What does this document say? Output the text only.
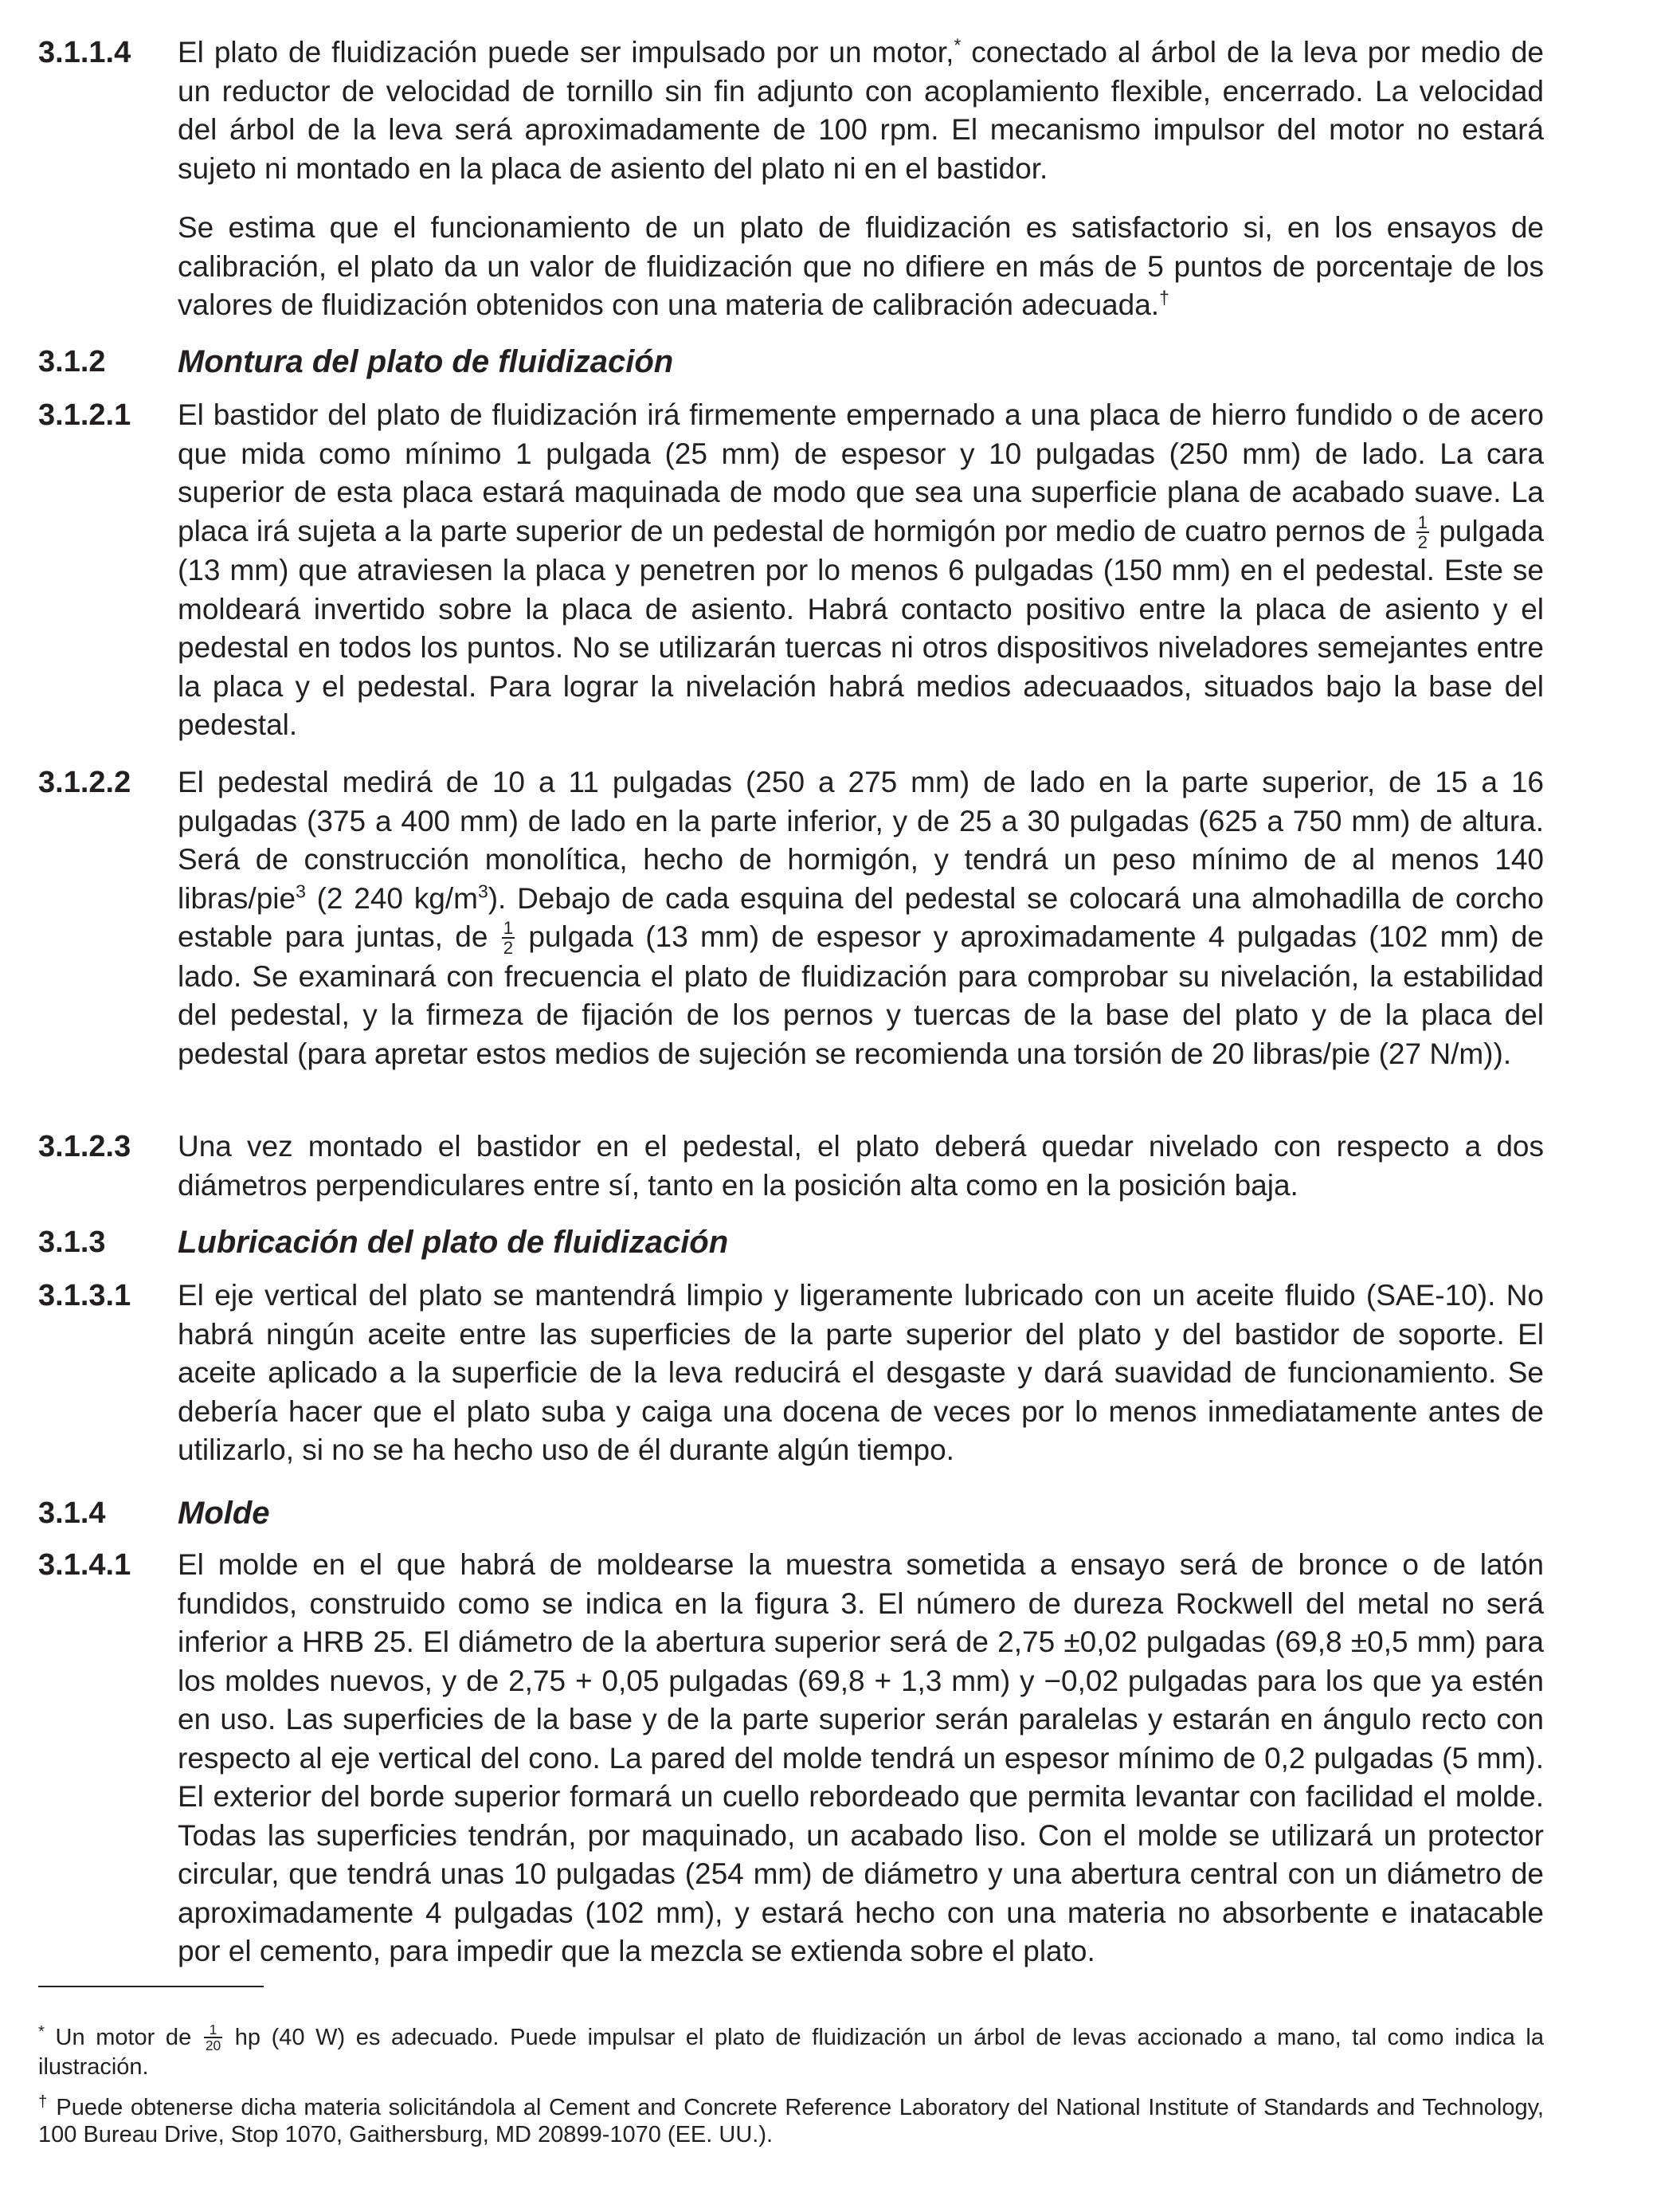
3.1.1.4 El plato de fluidización puede ser impulsado por un motor,* conectado al árbol de la leva por medio de un reductor de velocidad de tornillo sin fin adjunto con acoplamiento flexible, encerrado. La velocidad del árbol de la leva será aproximadamente de 100 rpm. El mecanismo impulsor del motor no estará sujeto ni montado en la placa de asiento del plato ni en el bastidor.
Se estima que el funcionamiento de un plato de fluidización es satisfactorio si, en los ensayos de calibración, el plato da un valor de fluidización que no difiere en más de 5 puntos de porcentaje de los valores de fluidización obtenidos con una materia de calibración adecuada.†
3.1.2 Montura del plato de fluidización
3.1.2.1 El bastidor del plato de fluidización irá firmemente empernado a una placa de hierro fundido o de acero que mida como mínimo 1 pulgada (25 mm) de espesor y 10 pulgadas (250 mm) de lado. La cara superior de esta placa estará maquinada de modo que sea una superficie plana de acabado suave. La placa irá sujeta a la parte superior de un pedestal de hormigón por medio de cuatro pernos de $\frac{1}{2}$ pulgada (13 mm) que atraviesen la placa y penetren por lo menos 6 pulgadas (150 mm) en el pedestal. Este se moldeará invertido sobre la placa de asiento. Habrá contacto positivo entre la placa de asiento y el pedestal en todos los puntos. No se utilizarán tuercas ni otros dispositivos niveladores semejantes entre la placa y el pedestal. Para lograr la nivelación habrá medios adecuaados, situados bajo la base del pedestal.
3.1.2.2 El pedestal medirá de 10 a 11 pulgadas (250 a 275 mm) de lado en la parte superior, de 15 a 16 pulgadas (375 a 400 mm) de lado en la parte inferior, y de 25 a 30 pulgadas (625 a 750 mm) de altura. Será de construcción monolítica, hecho de hormigón, y tendrá un peso mínimo de al menos 140 libras/pie$^3$ (2 240 $kg/m^3$). Debajo de cada esquina del pedestal se colocará una almohadilla de corcho estable para juntas, de $\frac{1}{2}$ pulgada (13 mm) de espesor y aproximadamente 4 pulgadas (102 mm) de lado. Se examinará con frecuencia el plato de fluidización para comprobar su nivelación, la estabilidad del pedestal, y la firmeza de fijación de los pernos y tuercas de la base del plato y de la placa del pedestal (para apretar estos medios de sujeción se recomienda una torsión de 20 libras/pie (27 N/m)).
3.1.2.3 Una vez montado el bastidor en el pedestal, el plato deberá quedar nivelado con respecto a dos diámetros perpendiculares entre sí, tanto en la posición alta como en la posición baja.
3.1.3 Lubricación del plato de fluidización
3.1.3.1 El eje vertical del plato se mantendrá limpio y ligeramente lubricado con un aceite fluido (SAE-10). No habrá ningún aceite entre las superficies de la parte superior del plato y del bastidor de soporte. El aceite aplicado a la superficie de la leva reducirá el desgaste y dará suavidad de funcionamiento. Se debería hacer que el plato suba y caiga una docena de veces por lo menos inmediatamente antes de utilizarlo, si no se ha hecho uso de él durante algún tiempo.
3.1.4 Molde
3.1.4.1 El molde en el que habrá de moldearse la muestra sometida a ensayo será de bronce o de latón fundidos, construido como se indica en la figura 3. El número de dureza Rockwell del metal no será inferior a HRB 25. El diámetro de la abertura superior será de 2,75 ±0,02 pulgadas (69,8 ±0,5 mm) para los moldes nuevos, y de 2,75 + 0,05 pulgadas (69,8 + 1,3 mm) y −0,02 pulgadas para los que ya estén en uso. Las superficies de la base y de la parte superior serán paralelas y estarán en ángulo recto con respecto al eje vertical del cono. La pared del molde tendrá un espesor mínimo de 0,2 pulgadas (5 mm). El exterior del borde superior formará un cuello rebordeado que permita levantar con facilidad el molde. Todas las superficies tendrán, por maquinado, un acabado liso. Con el molde se utilizará un protector circular, que tendrá unas 10 pulgadas (254 mm) de diámetro y una abertura central con un diámetro de aproximadamente 4 pulgadas (102 mm), y estará hecho con una materia no absorbente e inatacable por el cemento, para impedir que la mezcla se extienda sobre el plato.
* Un motor de $\frac{1}{20}$ hp (40 W) es adecuado. Puede impulsar el plato de fluidización un árbol de levas accionado a mano, tal como indica la ilustración.
† Puede obtenerse dicha materia solicitándola al Cement and Concrete Reference Laboratory del National Institute of Standards and Technology, 100 Bureau Drive, Stop 1070, Gaithersburg, MD 20899-1070 (EE. UU.).
